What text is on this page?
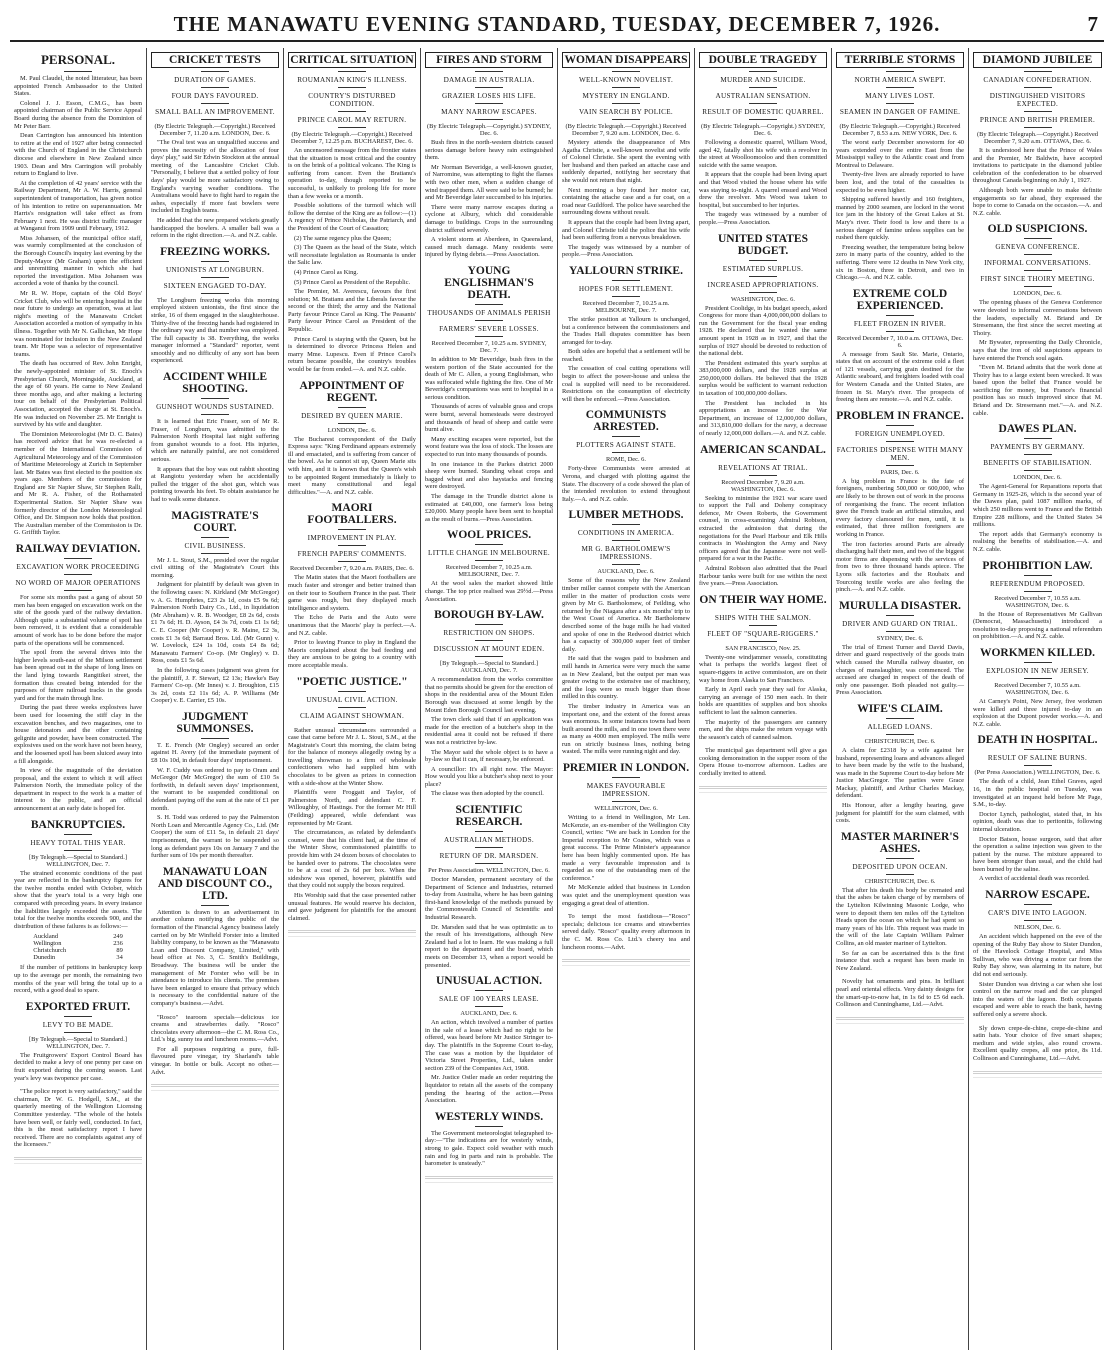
THE MANAWATU EVENING STANDARD, TUESDAY, DECEMBER 7, 1926.	7
PERSONAL.

M. Paul Claudel, the noted litterateur, has been appointed French Ambassador to the United States.

Colonel J. J. Esson, C.M.G., has been appointed chairman of the Public Service Appeal Board during the absence from the Dominion of Mr Peter Barr.

Dean Carrington has announced his intention to retire at the end of 1927 after being connected with the Church of England in the Christchurch diocese and elsewhere in New Zealand since 1903. Dean and Mrs Carrington will probably return to England to live.

At the completion of 42 years' service with the Railway Department, Mr A. W. Harris, general superintendent of transportation, has given notice of his intention to retire on superannuation. Mr Harris's resignation will take effect as from February 1 next. He was district traffic manager at Wanganui from 1909 until February, 1912.

Miss Johansen, of the municipal office staff, was warmly complimented at the conclusion of the Borough Council's inquiry last evening by the Deputy-Mayor (Mr Graham) upon the efficient and unremitting manner in which she had reported the investigation. Miss Johansen was accorded a vote of thanks by the council.

Mr R. W. Hope, captain of the Old Boys' Cricket Club, who will be entering hospital in the near future to undergo an operation, was at last night's meeting of the Manawatu Cricket Association accorded a motion of sympathy in his illness. Together with Mr N. Gallichan, Mr Hope was nominated for inclusion in the New Zealand team. Mr Hope was a selector of representative teams.

The death has occurred of Rev. John Enright, the newly-appointed minister of St. Enoch's Presbyterian Church, Morningside, Auckland, at the age of 60 years. He came to New Zealand three months ago, and after making a lecturing tour on behalf of the Presbyterian Political Association, accepted the charge at St. Enoch's. He was inducted on November 25. Mr Enright is survived by his wife and daughter.

The Dominion Meteorologist (Mr D. C. Bates) has received advice that he was re-elected a member of the International Commission of Agricultural Meteorology and of the Commission of Maritime Meteorology at Zurich in September last. Mr Bates was first elected to the position six years ago. Members of the commission for England are Sir Napier Shaw, Sir Stephen Ralli, and Mr R. A. Fisher, of the Rothamsted Experimental Station. Sir Napier Shaw was formerly director of the London Meteorological Office, and Dr. Simpson now holds that position. The Australian member of the Commission is Dr. G. Griffith Taylor.

RAILWAY DEVIATION.
EXCAVATION WORK PROCEEDING
NO WORD OF MAJOR OPERATIONS

For some six months past a gang of about 50 men has been engaged on excavation work on the site of the goods yard of the railway deviation. Although quite a substantial volume of spoil has been removed, it is evident that a considerable amount of work has to be done before the major parts of the operations will be commenced.

The spoil from the several drives into the higher levels south-east of the Milson settlement has been spread out in the shape of long lines on the land lying towards Rangitikei street, the formation thus created being intended for the purposes of future railroad tracks in the goods yard and for the main through line.

During the past three weeks explosives have been used for loosening the stiff clay in the excavation benches, and two magazines, one to house detonators and the other containing gelignite and powder, have been constructed. The explosives used on the work have not been heavy, and the loosened spoil has been sluiced away into a fill alongside.

In view of the magnitude of the deviation proposal, and the extent to which it will affect Palmerston North, the immediate policy of the department in respect to the work is a matter of interest to the public, and an official announcement at an early date is hoped for.

BANKRUPTCIES.
HEAVY TOTAL THIS YEAR.
[By Telegraph.—Special to Standard.] WELLINGTON, Dec. 7.

The strained economic conditions of the past year are reflected in the bankruptcy figures for the twelve months ended with October, which show that the year's total is a very high one compared with preceding years. In every instance the liabilities largely exceeded the assets. The total for the twelve months exceeds 900, and the distribution of these failures is as follows:—

Auckland	249
Wellington	236
Christchurch	89
Dunedin	34

If the number of petitions in bankruptcy keep up to the average per month, the remaining two months of the year will bring the total up to a record, with a good deal to spare.

EXPORTED FRUIT.
LEVY TO BE MADE.
[By Telegraph.—Special to Standard.] WELLINGTON, Dec. 7.

The Fruitgrowers' Export Control Board has decided to make a levy of one penny per case on fruit exported during the coming season. Last year's levy was twopence per case.

"The police report is very satisfactory," said the chairman, Dr W. G. Hodgell, S.M., at the quarterly meeting of the Wellington Licensing Committee yesterday. "The whole of the hotels have been well, or fairly well, conducted. In fact, this is the most satisfactory report I have received. There are no complaints against any of the licensees."

CRICKET TESTS
DURATION OF GAMES.
FOUR DAYS FAVOURED.
SMALL BALL AN IMPROVEMENT.
(By Electric Telegraph.—Copyright.) Received December 7, 11.20 a.m. LONDON, Dec. 6.

"The Oval test was an unqualified success and proves the necessity of the allocation of four days' play," said Sir Edwin Stockton at the annual meeting of the Lancashire Cricket Club. "Personally, I believe that a settled policy of four days' play would be more satisfactory owing to England's varying weather conditions. The Australians would have to fight hard to regain the ashes, especially if more fast bowlers were included in English teams.

He added that the new prepared wickets greatly handicapped the bowlers. A smaller ball was a reform in the right direction.—A. and N.Z. cable.

FREEZING WORKS.
UNIONISTS AT LONGBURN.
SIXTEEN ENGAGED TO-DAY.

The Longburn freezing works this morning employed sixteen unionists, the first since the strike, 16 of them engaged in the slaughterhouse. Thirty-five of the freezing hands had registered in the ordinary way and that number was employed. The full capacity is 38. Everything, the works manager informed a "Standard" reporter, went smoothly and no difficulty of any sort has been experienced.

ACCIDENT WHILE SHOOTING.
GUNSHOT WOUNDS SUSTAINED.

It is learned that Eric Fraser, son of Mr R. Fraser, of Longburn, was admitted to the Palmerston North Hospital last night suffering from gunshot wounds to a foot. His injuries, which are naturally painful, are not considered serious.

It appears that the boy was out rabbit shooting at Rangiotu yesterday when he accidentally pulled the trigger of the shot gun, which was pointing towards his feet. To obtain assistance he had to walk some distance.

MAGISTRATE'S COURT.
CIVIL BUSINESS.

Mr J. L. Stout, S.M., presided over the regular civil sitting of the Magistrate's Court this morning.

Judgment for plaintiff by default was given in the following cases: N. Kirkland (Mr McGregor) v. A. G. Humphries, £23 2s 1d, costs £5 9s 6d; Palmerston North Dairy Co., Ltd., in liquidation (Mr Abraham) v. R. B. Woodger, £8 2s 6d, costs £1 7s 6d; H. D. Ayson, £4 3s 7d, costs £1 1s 6d; C. E. Cooper (Mr Cooper) v. R. Maine, £2 3s, costs £1 3s 6d; Barraud Bros. Ltd. (Mr Gunn) v. W. Lovelock, £24 1s 10d, costs £4 8s 6d; Manawatu Farmers' Co-op. (Mr Ongley) v. D. Ross, costs £1 5s 6d.

In the following cases judgment was given for the plaintiff, J. F. Stewart, £2 13s; Hawke's Bay Farmers' Co-op. (Mr Innes) v. J. Broughton, £15 3s 2d, costs £2 11s 6d; A. P. Williams (Mr Cooper) v. E. Carrier, £5 10s.

JUDGMENT SUMMONSES.

T. E. French (Mr Ongley) secured an order against H. Avery (of the immediate payment of £8 10s 10d, in default four days' imprisonment.

W. F. Cuddy was ordered to pay to Oram and McGregor (Mr McGregor) the sum of £10 5s forthwith, in default seven days' imprisonment, the warrant to be suspended conditional on defendant paying off the sum at the rate of £1 per month.

S. H. Todd was ordered to pay the Palmerston North Loan and Mercantile Agency Co., Ltd. (Mr Cooper) the sum of £11 5s, in default 21 days' imprisonment, the warrant to be suspended so long as defendant pays 10s on January 7 and the further sum of 10s per month thereafter.

MANAWATU LOAN AND DISCOUNT CO., LTD.

Attention is drawn to an advertisement in another column notifying the public of the formation of the Financial Agency business lately carried on by Mr Winfield Forster into a limited liability company, to be known as the "Manawatu Loan and Discount Company, Limited," with head office at No. 3, C. Smith's Buildings, Broadway. The business will be under the management of Mr Forster who will be in attendance to introduce his clients. The premises have been enlarged to ensure that privacy which is necessary to the confidential nature of the company's business.—Advt.

"Rosco" tearoom specials—delicious ice creams and strawberries daily. "Rosco" chocolates every afternoon—the C. M. Ross Co., Ltd.'s big, sunny tea and luncheon rooms.—Advt.

For all purposes requiring a pure, full-flavoured pure vinegar, try Sharland's table vinegar. In bottle or bulk. Accept no other.—Advt.

CRITICAL SITUATION
ROUMANIAN KING'S ILLNESS.
COUNTRY'S DISTURBED CONDITION.
PRINCE CAROL MAY RETURN.
(By Electric Telegraph.—Copyright.) Received December 7, 12.25 p.m. BUCHAREST, Dec. 6.

An uncensored message from the frontier states that the situation is most critical and the country is on the brink of a political volcano. The King is suffering from cancer. Even the Bratianu's operation to-day, though reported to be successful, is unlikely to prolong life for more than a few weeks or a month.

Possible solutions of the turmoil which will follow the demise of the King are as follow:—(1) A regency of Prince Nicholas, the Patriarch, and the President of the Court of Cassation;

(2) The same regency plus the Queen;

(3) The Queen as the head of the State, which will necessitate legislation as Roumania is under the Salic law.

(4) Prince Carol as King.

(5) Prince Carol as President of the Republic.

The Premier, M. Averescu, favours the first solution; M. Bratianu and the Liberals favour the second or the third; the army and the National Party favour Prince Carol as King. The Peasants' Party favour Prince Carol as President of the Republic.

Prince Carol is staying with the Queen, but he is determined to divorce Princess Helen and marry Mme. Lupescu. Even if Prince Carol's return became possible, the country's troubles would be far from ended.—A. and N.Z. cable.

APPOINTMENT OF REGENT.
DESIRED BY QUEEN MARIE.
LONDON, Dec. 6.

The Bucharest correspondent of the Daily Express says: "King Ferdinand appears extremely ill and emaciated, and is suffering from cancer of the bowel. As he cannot sit up, Queen Marie sits with him, and it is known that the Queen's wish to be appointed Regent immediately is likely to meet many constitutional and legal difficulties."—A. and N.Z. cable.

MAORI FOOTBALLERS.
IMPROVEMENT IN PLAY.
FRENCH PAPERS' COMMENTS.
Received December 7, 9.20 a.m. PARIS, Dec. 6.

The Matin states that the Maori footballers are much faster and stronger and better trained than on their tour to Southern France in the past. Their game was rough, but they displayed much intelligence and system.

The Echo de Paris and the Auto were unanimous that the Maoris' play is perfect.—A. and N.Z. cable.

Prior to leaving France to play in England the Maoris complained about the bad feeding and they are anxious to be going to a country with more acceptable meals.

"POETIC JUSTICE."
UNUSUAL CIVIL ACTION.
CLAIM AGAINST SHOWMAN.

Rather unusual circumstances surrounded a case that came before Mr J. L. Stout, S.M., at the Magistrate's Court this morning, the claim being for the balance of moneys allegedly owing by a travelling showman to a firm of wholesale confectioners who had supplied him with chocolates to be given as prizes in connection with a side-show at the Winter Show.

Plaintiffs were Froggatt and Taylor, of Palmerston North, and defendant C. F. Willoughby, of Hastings. For the former Mr Hill (Feilding) appeared, while defendant was represented by Mr Grant.

The circumstances, as related by defendant's counsel, were that his client had, at the time of the Winter Show, commissioned plaintiffs to provide him with 24 dozen boxes of chocolates to be handed over to patrons. The chocolates were to be at a cost of 2s 6d per box. When the sideshow was opened, however, plaintiffs said that they could not supply the boxes required.

His Worship said that the case presented rather unusual features. He would reserve his decision, and gave judgment for plaintiffs for the amount claimed.

FIRES AND STORM
DAMAGE IN AUSTRALIA.
GRAZIER LOSES HIS LIFE.
MANY NARROW ESCAPES.
(By Electric Telegraph.—Copyright.) SYDNEY, Dec. 6.

Bush fires in the north-western districts caused serious damage before heavy rain extinguished them.

Mr Norman Beveridge, a well-known grazier, of Narromine, was attempting to fight the flames with two other men, when a sudden change of wind trapped them. All were said to be burned; he and Mr Beveridge later succumbed to his injuries.

There were many narrow escapes during a cyclone at Albury, which did considerable damage to buildings. Crops in the surrounding district suffered severely.

A violent storm at Aberdeen, in Queensland, caused much damage. Many residents were injured by flying debris.—Press Association.

YOUNG ENGLISHMAN'S DEATH.
THOUSANDS OF ANIMALS PERISH
FARMERS' SEVERE LOSSES.
Received December 7, 10.25 a.m. SYDNEY, Dec. 7.

In addition to Mr Beveridge, bush fires in the western portion of the State accounted for the death of Mr C. Allen, a young Englishman, who was suffocated while fighting the fire. One of Mr Beveridge's companions was sent to hospital in a serious condition.

Thousands of acres of valuable grass and crops were burnt, several homesteads were destroyed and thousands of head of sheep and cattle were burnt alive.

Many exciting escapes were reported, but the worst feature was the loss of stock. The losses are expected to run into many thousands of pounds.

In one instance in the Parkes district 2000 sheep were burned. Standing wheat crops and bagged wheat and also haystacks and fencing were destroyed.

The damage in the Trundle district alone is estimated at £40,000, one farmer's loss being £20,000. Many people have been sent to hospital as the result of burns.—Press Association.

WOOL PRICES.
LITTLE CHANGE IN MELBOURNE.
Received December 7, 10.25 a.m. MELBOURNE, Dec. 7.

At the wool sales the market showed little change. The top price realised was 29½d.—Press Association.

BOROUGH BY-LAW.
RESTRICTION ON SHOPS.
DISCUSSION AT MOUNT EDEN.
[By Telegraph.—Special to Standard.] AUCKLAND, Dec. 7.

A recommendation from the works committee that no permits should be given for the erection of shops in the residential area of the Mount Eden Borough was discussed at some length by the Mount Eden Borough Council last evening.

The town clerk said that if an application was made for the erection of a butcher's shop in the residential area it could not be refused if there was not a restrictive by-law.

The Mayor said the whole object is to have a by-law so that it can, if necessary, be enforced.

A councillor: It's all right now. The Mayor: How would you like a butcher's shop next to your place?

The clause was then adopted by the council.

SCIENTIFIC RESEARCH.
AUSTRALIAN METHODS.
RETURN OF DR. MARSDEN.
Per Press Association. WELLINGTON, Dec. 6.

Doctor Marsden, permanent secretary of the Department of Science and Industries, returned to-day from Australia, where he has been gaining first-hand knowledge of the methods pursued by the Commonwealth Council of Scientific and Industrial Research.

Dr. Marsden said that he was optimistic as to the result of his investigations, although New Zealand had a lot to learn. He was making a full report to the department and the board, which meets on December 13, when a report would be presented.

UNUSUAL ACTION.
SALE OF 100 YEARS LEASE.
AUCKLAND, Dec. 6.

An action, which involved a number of parties in the sale of a lease which had no right to be offered, was heard before Mr Justice Stringer to-day. The plaintiffs in the Supreme Court to-day, The case was a motion by the liquidator of Victoria Street Properties, Ltd., taken under section 239 of the Companies Act, 1908.

Mr. Justice Ostler made an order requiring the liquidator to retain all the assets of the company pending the hearing of the action.—Press Association.

WESTERLY WINDS.

The Government meteorologist telegraphed to-day:—"The indications are for westerly winds, strong to gale. Expect cold weather with much rain and fog in parts and rain is probable. The barometer is unsteady."

WOMAN DISAPPEARS
WELL-KNOWN NOVELIST.
MYSTERY IN ENGLAND.
VAIN SEARCH BY POLICE.
(By Electric Telegraph.—Copyright.) Received December 7, 9.20 a.m. LONDON, Dec. 6.

Mystery attends the disappearance of Mrs Agatha Christie, a well-known novelist and wife of Colonel Christie. She spent the evening with her husband and then parked an attache case and suddenly departed, notifying her secretary that she would not return that night.

Next morning a boy found her motor car, containing the attache case and a fur coat, on a road near Guildford. The police have searched the surrounding downs without result.

It appears that the couple had been living apart, and Colonel Christie told the police that his wife had been suffering from a nervous breakdown.

The tragedy was witnessed by a number of people.—Press Association.

YALLOURN STRIKE.
HOPES FOR SETTLEMENT.
Received December 7, 10.25 a.m. MELBOURNE, Dec. 7.

The strike position at Yallourn is unchanged, but a conference between the commissioners and the Trades Hall disputes committee has been arranged for to-day.

Both sides are hopeful that a settlement will be reached.

The cessation of coal cutting operations will begin to affect the power-house and unless the coal is supplied will need to be reconsidered. Restrictions on the consumption of electricity will then be enforced.—Press Association.

COMMUNISTS ARRESTED.
PLOTTERS AGAINST STATE.
ROME, Dec. 6.

Forty-three Communists were arrested at Verona, and charged with plotting against the State. The discovery of a code showed the plan of the intended revolution to extend throughout Italy.—A. and N.Z. cable.

LUMBER METHODS.
CONDITIONS IN AMERICA.
MR G. BARTHOLOMEW'S IMPRESSIONS.
AUCKLAND, Dec. 6.

Some of the reasons why the New Zealand timber miller cannot compete with the American miller in the matter of production costs were given by Mr G. Bartholomew, of Feilding, who returned by the Niagara after a six months' trip to the West Coast of America. Mr Bartholomew described some of the huge mills he had visited and spoke of one in the Redwood district which has a capacity of 300,000 super feet of timber daily.

He said that the wages paid to bushmen and mill hands in America were very much the same as in New Zealand, but the output per man was greater owing to the extensive use of machinery, and the logs were so much bigger than those milled in this country.

The timber industry in America was an important one, and the extent of the forest areas was enormous. In some instances towns had been built around the mills, and in one town there were as many as 4000 men employed. The mills were run on strictly business lines, nothing being wasted. The mills were running night and day.

PREMIER IN LONDON.
MAKES FAVOURABLE IMPRESSION.
WELLINGTON, Dec. 6.

Writing to a friend in Wellington, Mr Len. McKenzie, an ex-member of the Wellington City Council, writes: "We are back in London for the Imperial reception to Mr Coates, which was a great success. The Prime Minister's appearance here has been highly commented upon. He has made a very favourable impression and is regarded as one of the outstanding men of the conference."

Mr McKenzie added that business in London was quiet and the unemployment question was engaging a great deal of attention.

To tempt the most fastidious—"Rosco" specials; delicious ice creams and strawberries served daily. "Rosco" quality every afternoon in the C. M. Ross Co. Ltd.'s cheery tea and luncheon rooms.—Advt.

DOUBLE TRAGEDY
MURDER AND SUICIDE.
AUSTRALIAN SENSATION.
RESULT OF DOMESTIC QUARREL.
(By Electric Telegraph.—Copyright.) SYDNEY, Dec. 6.

Following a domestic quarrel, William Wood, aged 42, fatally shot his wife with a revolver in the street at Woolloomooloo and then committed suicide with the same weapon.

It appears that the couple had been living apart and that Wood visited the house where his wife was staying to-night. A quarrel ensued and Wood drew the revolver. Mrs Wood was taken to hospital, but succumbed to her injuries.

The tragedy was witnessed by a number of people.—Press Association.

UNITED STATES BUDGET.
ESTIMATED SURPLUS.
INCREASED APPROPRIATIONS.
WASHINGTON, Dec. 6.

President Coolidge, in his budget speech, asked Congress for more than 4,000,000,000 dollars to run the Government for the fiscal year ending 1928. He declared that he wanted the same amount spent in 1928 as in 1927, and that the surplus of 1927 should be devoted to reduction of the national debt.

The President estimated this year's surplus at 383,000,000 dollars, and the 1928 surplus at 250,000,000 dollars. He believed that the 1928 surplus would be sufficient to warrant reduction in taxation of 100,000,000 dollars.

The President has included in his appropriations an increase for the War Department, an increase of 12,000,000 dollars, and 313,810,000 dollars for the navy, a decrease of nearly 12,000,000 dollars.—A. and N.Z. cable.

AMERICAN SCANDAL.
REVELATIONS AT TRIAL.
Received December 7, 9.20 a.m. WASHINGTON, Dec. 6.

Seeking to minimise the 1921 war scare used to support the Fall and Doheny conspiracy defence, Mr Owen Roberts, the Government counsel, in cross-examining Admiral Robison, extracted the admission that during the negotiations for the Pearl Harbour and Elk Hills contracts in Washington the Army and Navy officers agreed that the Japanese were not well-prepared for a war in the Pacific.

Admiral Robison also admitted that the Pearl Harbour tanks were built for use within the next five years.—Press Association.

ON THEIR WAY HOME.
SHIPS WITH THE SALMON.
FLEET OF "SQUARE-RIGGERS."
SAN FRANCISCO, Nov. 25.

Twenty-one windjammer vessels, constituting what is perhaps the world's largest fleet of square-riggers in active commission, are on their way home from Alaska to San Francisco.

Early in April each year they sail for Alaska, carrying an average of 150 men each. In their holds are quantities of supplies and box shooks sufficient to last the salmon canneries.

The majority of the passengers are cannery men, and the ships make the return voyage with the season's catch of canned salmon.

The municipal gas department will give a gas cooking demonstration in the supper room of the Opera House to-morrow afternoon. Ladies are cordially invited to attend.

TERRIBLE STORMS
NORTH AMERICA SWEPT.
MANY LIVES LOST.
SEAMEN IN DANGER OF FAMINE.
(By Electric Telegraph.—Copyright.) Received December 7, 8.53 a.m. NEW YORK, Dec. 6.

The worst early December snowstorm for 40 years extended over the entire East from the Mississippi valley to the Atlantic coast and from Montreal to Delaware.

Twenty-five lives are already reported to have been lost, and the total of the casualties is expected to be even higher.

Shipping suffered heavily and 160 freighters, manned by 2000 seamen, are locked in the worst ice jam in the history of the Great Lakes at St. Mary's river. Their food is low and there is a serious danger of famine unless supplies can be rushed there quickly.

Freezing weather, the temperature being below zero in many parts of the country, added to the suffering. There were 12 deaths in New York city, six in Boston, three in Detroit, and two in Chicago.—A. and N.Z. cable.

EXTREME COLD EXPERIENCED.
FLEET FROZEN IN RIVER.
Received December 7, 10.0 a.m. OTTAWA, Dec. 6.

A message from Sault Ste. Marie, Ontario, states that on account of the extreme cold a fleet of 121 vessels, carrying grain destined for the Atlantic seaboard, and freighters loaded with coal for Western Canada and the United States, are frozen in St. Mary's river. The prospects of freeing them are remote.—A. and N.Z. cable.

PROBLEM IN FRANCE.
FOREIGN UNEMPLOYED.
FACTORIES DISPENSE WITH MANY MEN.
PARIS, Dec. 6.

A big problem in France is the fate of foreigners, numbering 500,000 or 600,000, who are likely to be thrown out of work in the process of reorganising the franc. The recent inflation gave the French trade an artificial stimulus, and every factory clamoured for men, until, it is estimated, that three million foreigners are working in France.

The iron factories around Paris are already discharging half their men, and two of the biggest motor firms are dispensing with the services of from two to three thousand hands apiece. The Lyons silk factories and the Roubaix and Tourcoing textile works are also feeling the pinch.—A. and N.Z. cable.

MURULLA DISASTER.
DRIVER AND GUARD ON TRIAL.
SYDNEY, Dec. 6.

The trial of Ernest Turner and David Davis, driver and guard respectively of the goods train which caused the Murulla railway disaster, on charges of manslaughter, was commenced. The accused are charged in respect of the death of only one passenger. Both pleaded not guilty.—Press Association.

WIFE'S CLAIM.
ALLEGED LOANS.
CHRISTCHURCH, Dec. 6.

A claim for £2318 by a wife against her husband, representing loans and advances alleged to have been made by the wife to the husband, was made in the Supreme Court to-day before Mr Justice MacGregor. The parties were Grace Mackay, plaintiff, and Arthur Charles Mackay, defendant.

His Honour, after a lengthy hearing, gave judgment for plaintiff for the sum claimed, with costs.

MASTER MARINER'S ASHES.
DEPOSITED UPON OCEAN.
CHRISTCHURCH, Dec. 6.

That after his death his body be cremated and that the ashes be taken charge of by members of the Lyttelton Kilwinning Masonic Lodge, who were to deposit them ten miles off the Lyttelton Heads upon the ocean on which he had spent so many years of his life. This request was made in the will of the late Captain William Palmer Collins, an old master mariner of Lyttelton.

So far as can be ascertained this is the first instance that such a request has been made in New Zealand.

Novelty hat ornaments and pins. In brilliant pearl and oriental effects. Very dainty designs for the smart-up-to-now hat, in 1s 6d to £5 6d each. Collinson and Cunninghame, Ltd.—Advt.

DIAMOND JUBILEE
CANADIAN CONFEDERATION.
DISTINGUISHED VISITORS EXPECTED.
PRINCE AND BRITISH PREMIER.
(By Electric Telegraph.—Copyright.) Received December 7, 9.20 a.m. OTTAWA, Dec. 6.

It is understood here that the Prince of Wales and the Premier, Mr Baldwin, have accepted invitations to participate in the diamond jubilee celebration of the confederation to be observed throughout Canada beginning on July 1, 1927.

Although both were unable to make definite engagements so far ahead, they expressed the hope to come to Canada on the occasion.—A. and N.Z. cable.

OLD SUSPICIONS.
GENEVA CONFERENCE.
INFORMAL CONVERSATIONS.
FIRST SINCE THOIRY MEETING.
LONDON, Dec. 6.

The opening phases of the Geneva Conference were devoted to informal conversations between the leaders, especially M. Briand and Dr Stresemann, the first since the secret meeting at Thoiry.

Mr Bywater, representing the Daily Chronicle, says that the iron of old suspicions appears to have entered the French soul again.

"Even M. Briand admits that the work done at Thoiry has to a large extent been wrecked. It was based upon the belief that France would be sacrificing for money, but France's financial position has so much improved since that M. Briand and Dr. Stresemann met."—A. and N.Z. cable.

DAWES PLAN.
PAYMENTS BY GERMANY.
BENEFITS OF STABILISATION.
LONDON, Dec. 6.

The Agent-General for Reparations reports that Germany in 1925-26, which is the second year of the Dawes plan, paid 1087 million marks, of which 250 millions went to France and the British Empire 228 millions, and the United States 34 millions.

The report adds that Germany's economy is realising the benefits of stabilisation.—A. and N.Z. cable.

PROHIBITION LAW.
REFERENDUM PROPOSED.
Received December 7, 10.55 a.m. WASHINGTON, Dec. 6.

In the House of Representatives Mr Gallivan (Democrat, Massachusetts) introduced a resolution to-day proposing a national referendum on prohibition.—A. and N.Z. cable.

WORKMEN KILLED.
EXPLOSION IN NEW JERSEY.
Received December 7, 10.55 a.m. WASHINGTON, Dec. 6.

At Carney's Point, New Jersey, five workmen were killed and three injured to-day in an explosion at the Dupont powder works.—A. and N.Z. cable.

DEATH IN HOSPITAL.
RESULT OF SALINE BURNS.
(Per Press Association.) WELLINGTON, Dec. 6.

The death of a child, Jean Ethel Graves, aged 16, in the public hospital on Tuesday, was investigated at an inquest held before Mr Page, S.M., to-day.

Doctor Lynch, pathologist, stated that, in his opinion, death was due to peritonitis, following internal ulceration.

Doctor Batson, house surgeon, said that after the operation a saline injection was given to the patient by the nurse. The mixture appeared to have been stronger than usual, and the child had been burned by the saline.

A verdict of accidental death was recorded.

NARROW ESCAPE.
CAR'S DIVE INTO LAGOON.
NELSON, Dec. 6.

An accident which happened on the eve of the opening of the Ruby Bay show to Sister Dundon, of the Havelock Cottage Hospital, and Miss Sullivan, who was driving a motor car from the Ruby Bay show, was alarming in its nature, but did not end seriously.

Sister Dundon was driving a car when she lost control on the narrow road and the car plunged into the waters of the lagoon. Both occupants escaped and were able to reach the bank, having suffered only a severe shock.

Sly down crepe-de-chine, crepe-de-chine and satin hats. Your choice of five smart shapes; medium and wide styles, also round crowns. Excellent quality crepes, all one price, 8s 11d. Collinson and Cunninghame, Ltd.—Advt.
